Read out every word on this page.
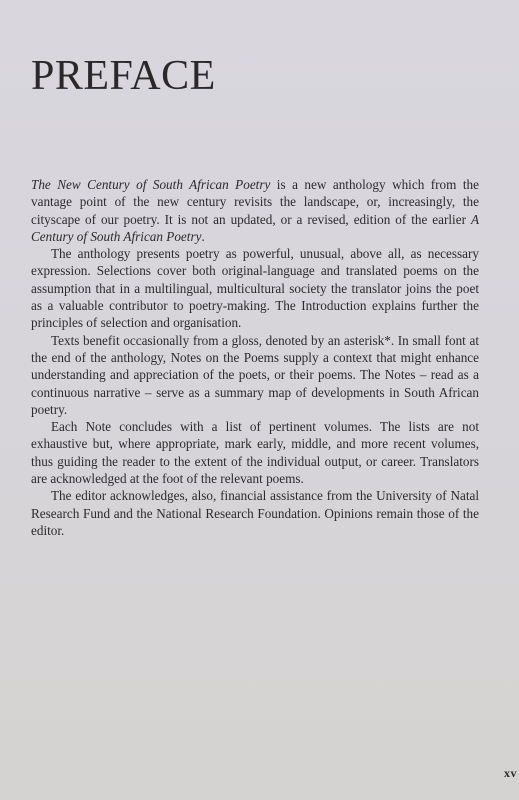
PREFACE

The New Century of South African Poetry is a new anthology which from the vantage point of the new century revisits the landscape, or, increasingly, the cityscape of our poetry. It is not an updated, or a revised, edition of the earlier A Century of South African Poetry.

The anthology presents poetry as powerful, unusual, above all, as necessary expression. Selections cover both original-language and translated poems on the assumption that in a multilingual, multicultural society the translator joins the poet as a valuable contributor to poetry-making. The Introduction explains further the principles of selection and organisation.

Texts benefit occasionally from a gloss, denoted by an asterisk*. In small font at the end of the anthology, Notes on the Poems supply a context that might enhance understanding and appreciation of the poets, or their poems. The Notes – read as a continuous narrative – serve as a summary map of developments in South African poetry.

Each Note concludes with a list of pertinent volumes. The lists are not exhaustive but, where appropriate, mark early, middle, and more recent volumes, thus guiding the reader to the extent of the individual output, or career. Translators are acknowledged at the foot of the relevant poems.

The editor acknowledges, also, financial assistance from the University of Natal Research Fund and the National Research Foundation. Opinions remain those of the editor.

xv
